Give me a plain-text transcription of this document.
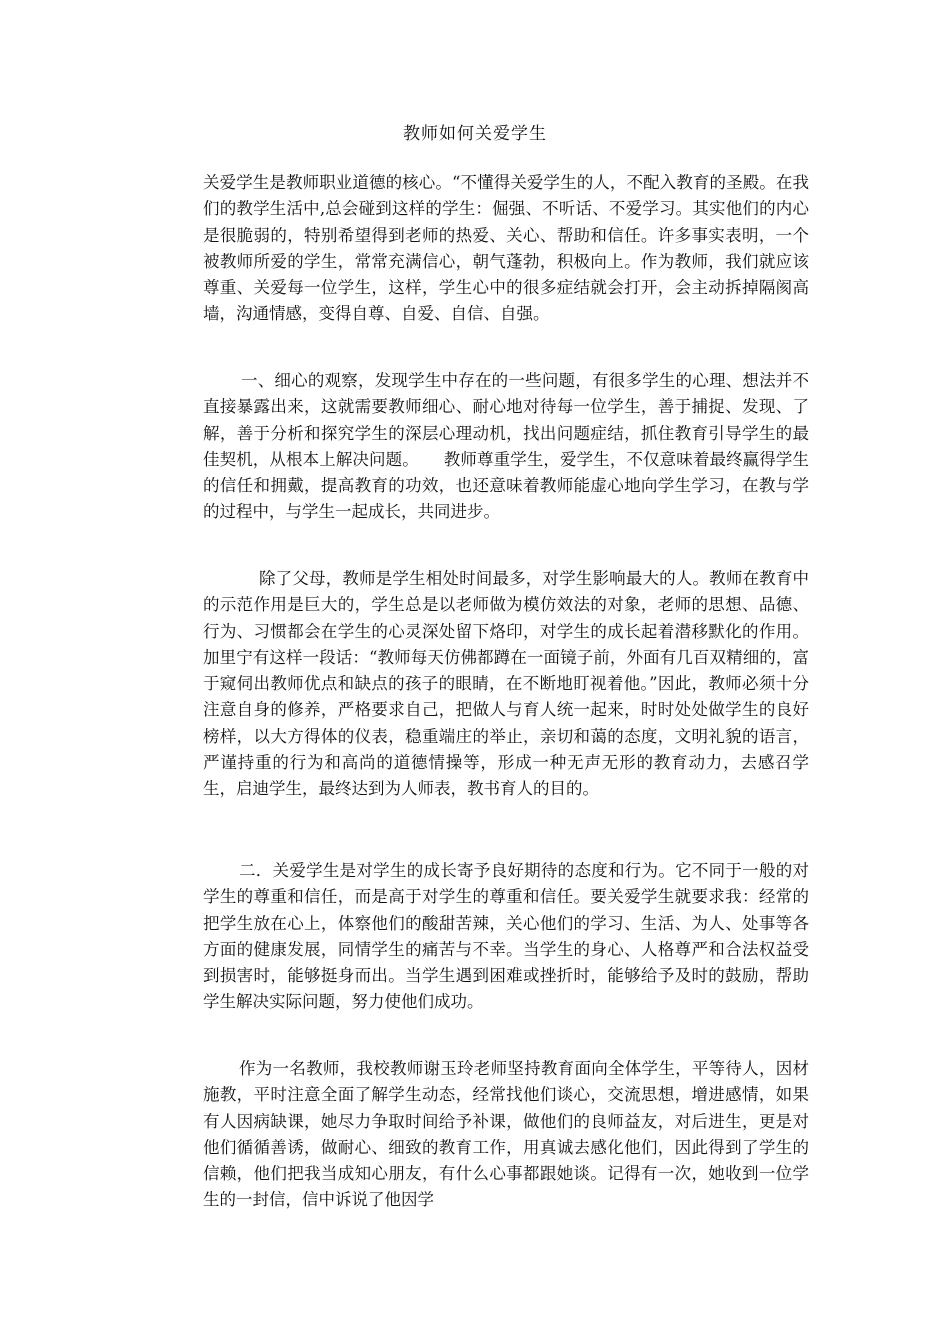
教师如何关爱学生

关爱学生是教师职业道德的核心。“不懂得关爱学生的人，不配入教育的圣殿。在我们的教学生活中,总会碰到这样的学生：倔强、不听话、不爱学习。其实他们的内心是很脆弱的，特别希望得到老师的热爱、关心、帮助和信任。许多事实表明，一个被教师所爱的学生，常常充满信心，朝气蓬勃，积极向上。作为教师，我们就应该尊重、关爱每一位学生，这样，学生心中的很多症结就会打开，会主动拆掉隔阂高墙，沟通情感，变得自尊、自爱、自信、自强。

一、细心的观察，发现学生中存在的一些问题，有很多学生的心理、想法并不直接暴露出来，这就需要教师细心、耐心地对待每一位学生，善于捕捉、发现、了解，善于分析和探究学生的深层心理动机，找出问题症结，抓住教育引导学生的最佳契机，从根本上解决问题。　　教师尊重学生，爱学生，不仅意味着最终赢得学生的信任和拥戴，提高教育的功效，也还意味着教师能虚心地向学生学习，在教与学的过程中，与学生一起成长，共同进步。

除了父母，教师是学生相处时间最多，对学生影响最大的人。教师在教育中的示范作用是巨大的，学生总是以老师做为模仿效法的对象，老师的思想、品德、行为、习惯都会在学生的心灵深处留下烙印，对学生的成长起着潜移默化的作用。加里宁有这样一段话：“教师每天仿佛都蹲在一面镜子前，外面有几百双精细的，富于窥伺出教师优点和缺点的孩子的眼睛，在不断地盯视着他。”因此，教师必须十分注意自身的修养，严格要求自己，把做人与育人统一起来，时时处处做学生的良好榜样，以大方得体的仪表，稳重端庄的举止，亲切和蔼的态度，文明礼貌的语言，严谨持重的行为和高尚的道德情操等，形成一种无声无形的教育动力，去感召学生，启迪学生，最终达到为人师表，教书育人的目的。

二．关爱学生是对学生的成长寄予良好期待的态度和行为。它不同于一般的对学生的尊重和信任，而是高于对学生的尊重和信任。要关爱学生就要求我：经常的把学生放在心上，体察他们的酸甜苦辣，关心他们的学习、生活、为人、处事等各方面的健康发展，同情学生的痛苦与不幸。当学生的身心、人格尊严和合法权益受到损害时，能够挺身而出。当学生遇到困难或挫折时，能够给予及时的鼓励，帮助学生解决实际问题，努力使他们成功。

作为一名教师，我校教师谢玉玲老师坚持教育面向全体学生，平等待人，因材施教，平时注意全面了解学生动态，经常找他们谈心，交流思想，增进感情，如果有人因病缺课，她尽力争取时间给予补课，做他们的良师益友，对后进生，更是对他们循循善诱，做耐心、细致的教育工作，用真诚去感化他们，因此得到了学生的信赖，他们把我当成知心朋友，有什么心事都跟她谈。记得有一次，她收到一位学生的一封信，信中诉说了他因学
